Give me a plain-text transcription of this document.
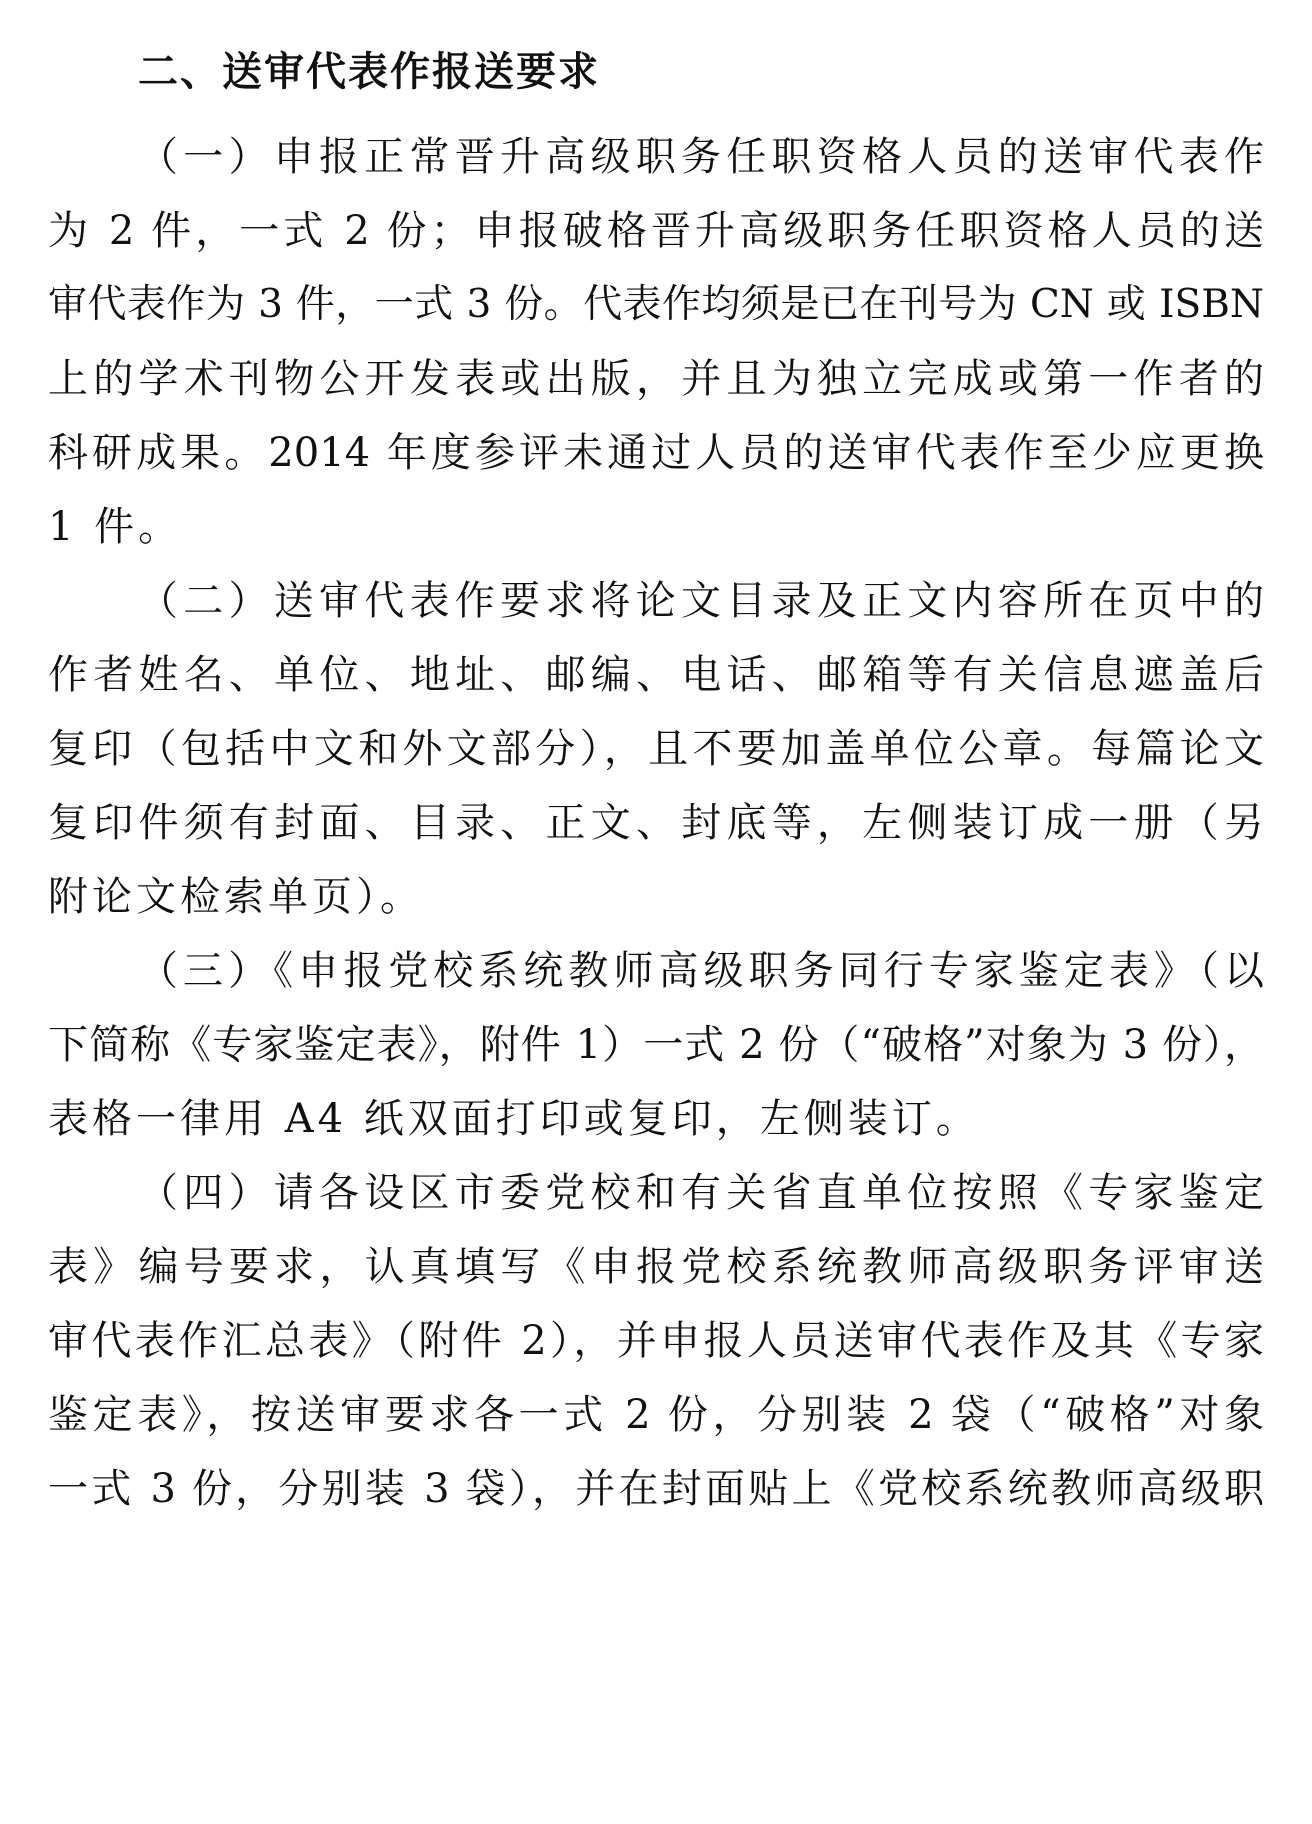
二、送审代表作报送要求
（一）申报正常晋升高级职务任职资格人员的送审代表作
为 2 件，一式 2 份；申报破格晋升高级职务任职资格人员的送
审代表作为 3 件，一式 3 份。代表作均须是已在刊号为 CN 或 ISBN
上的学术刊物公开发表或出版，并且为独立完成或第一作者的
科研成果。2014 年度参评未通过人员的送审代表作至少应更换
1 件。
（二）送审代表作要求将论文目录及正文内容所在页中的
作者姓名、单位、地址、邮编、电话、邮箱等有关信息遮盖后
复印（包括中文和外文部分），且不要加盖单位公章。每篇论文
复印件须有封面、目录、正文、封底等，左侧装订成一册（另
附论文检索单页）。
（三）《申报党校系统教师高级职务同行专家鉴定表》（以
下简称《专家鉴定表》，附件 1）一式 2 份（“破格”对象为 3 份），
表格一律用 A4 纸双面打印或复印，左侧装订。
（四）请各设区市委党校和有关省直单位按照《专家鉴定
表》编号要求，认真填写《申报党校系统教师高级职务评审送
审代表作汇总表》（附件 2），并申报人员送审代表作及其《专家
鉴定表》，按送审要求各一式 2 份，分别装 2 袋（“破格”对象
一式 3 份，分别装 3 袋），并在封面贴上《党校系统教师高级职
